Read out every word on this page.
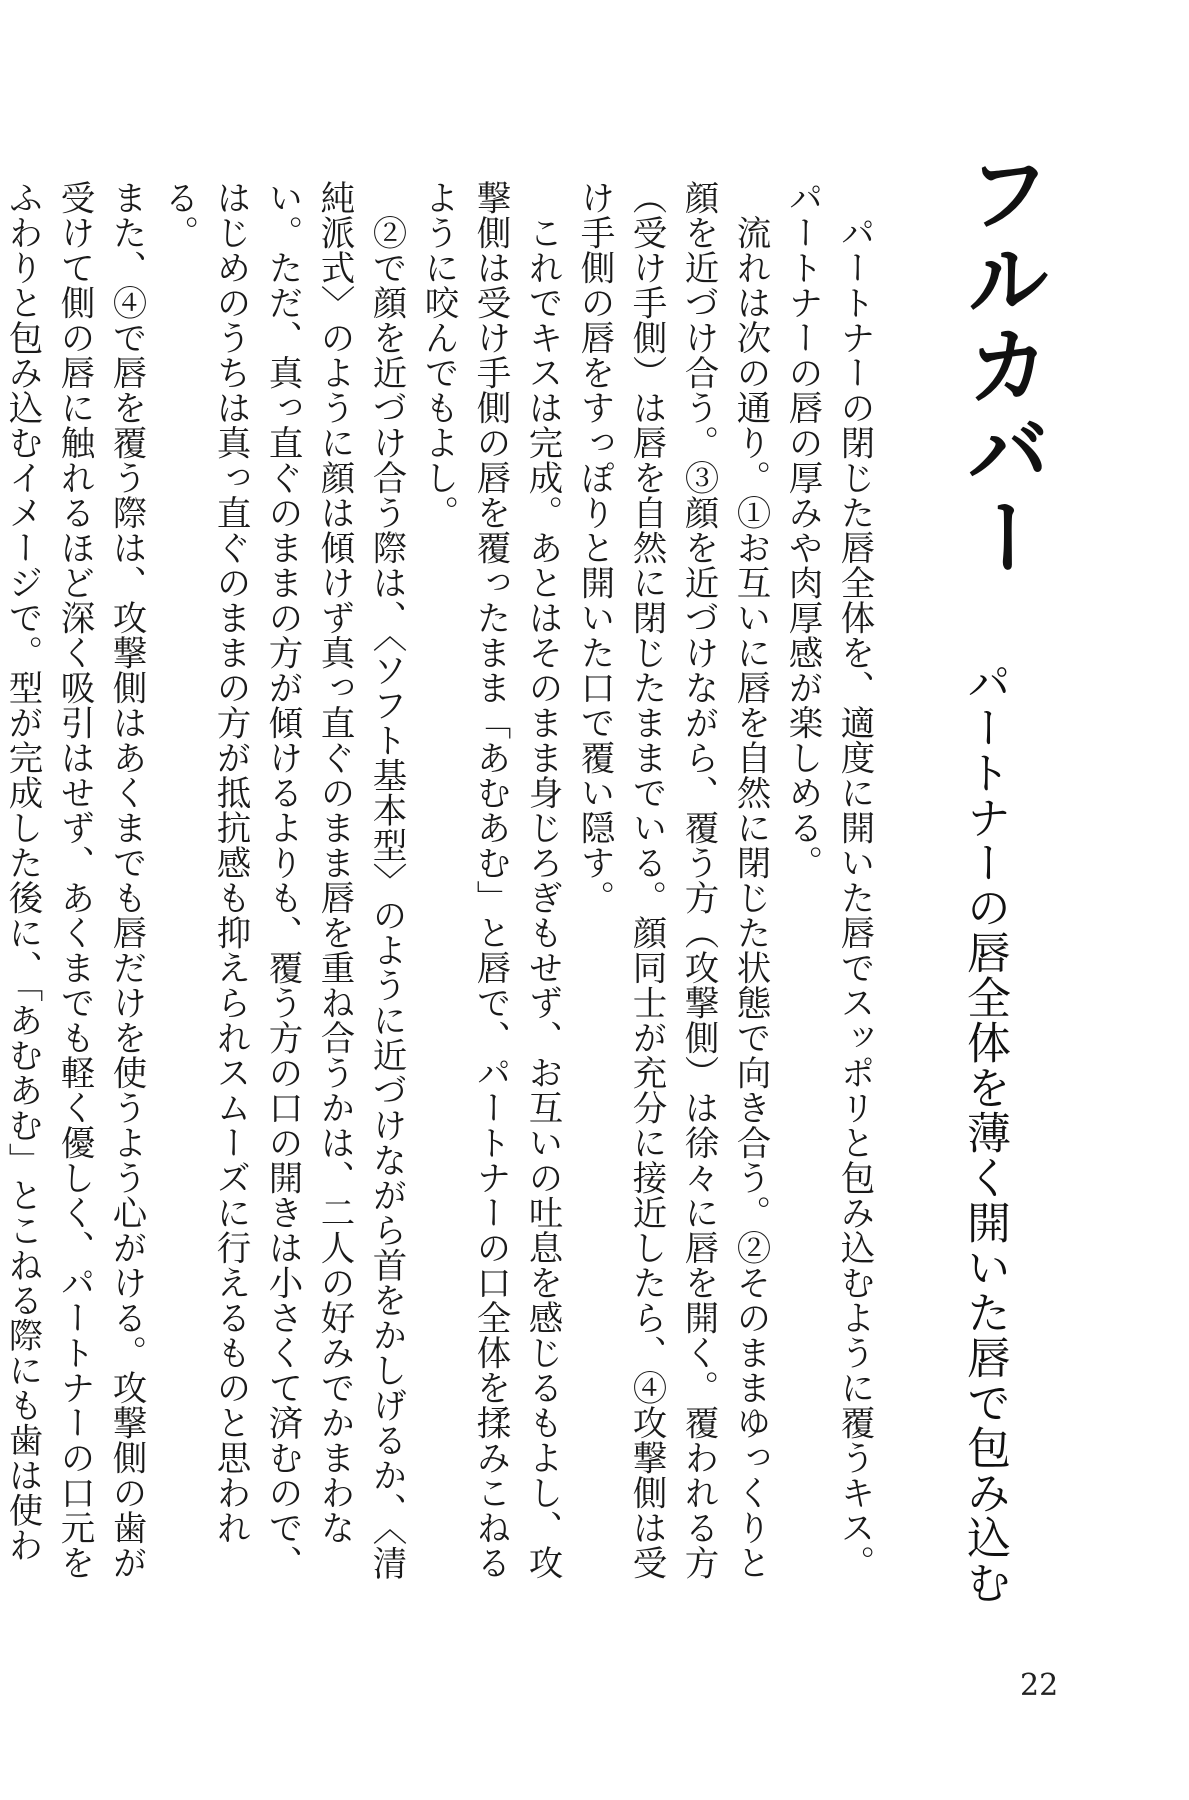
フルカバー
パートナーの唇全体を薄く開いた唇で包み込む

パートナーの閉じた唇全体を、適度に開いた唇でスッポリと包み込むように覆うキス。パートナーの唇の厚みや肉厚感が楽しめる。

流れは次の通り。①お互いに唇を自然に閉じた状態で向き合う。②そのままゆっくりと顔を近づけ合う。③顔を近づけながら、覆う方（攻撃側）は徐々に唇を開く。覆われる方（受け手側）は唇を自然に閉じたままでいる。顔同士が充分に接近したら、④攻撃側は受け手側の唇をすっぽりと開いた口で覆い隠す。

これでキスは完成。あとはそのまま身じろぎもせず、お互いの吐息を感じるもよし、攻撃側は受け手側の唇を覆ったまま「あむあむ」と唇で、パートナーの口全体を揉みこねるように咬んでもよし。

②で顔を近づけ合う際は、〈ソフト基本型〉のように近づけながら首をかしげるか、〈清純派式〉のように顔は傾けず真っ直ぐのまま唇を重ね合うかは、二人の好みでかまわない。ただ、真っ直ぐのままの方が傾けるよりも、覆う方の口の開きは小さくて済むので、はじめのうちは真っ直ぐのままの方が抵抗感も抑えられスムーズに行えるものと思われる。

また、④で唇を覆う際は、攻撃側はあくまでも唇だけを使うよう心がける。攻撃側の歯が受けて側の唇に触れるほど深く吸引はせず、あくまでも軽く優しく、パートナーの口元をふわりと包み込むイメージで。型が完成した後に、「あむあむ」とこねる際にも歯は使わ

22
